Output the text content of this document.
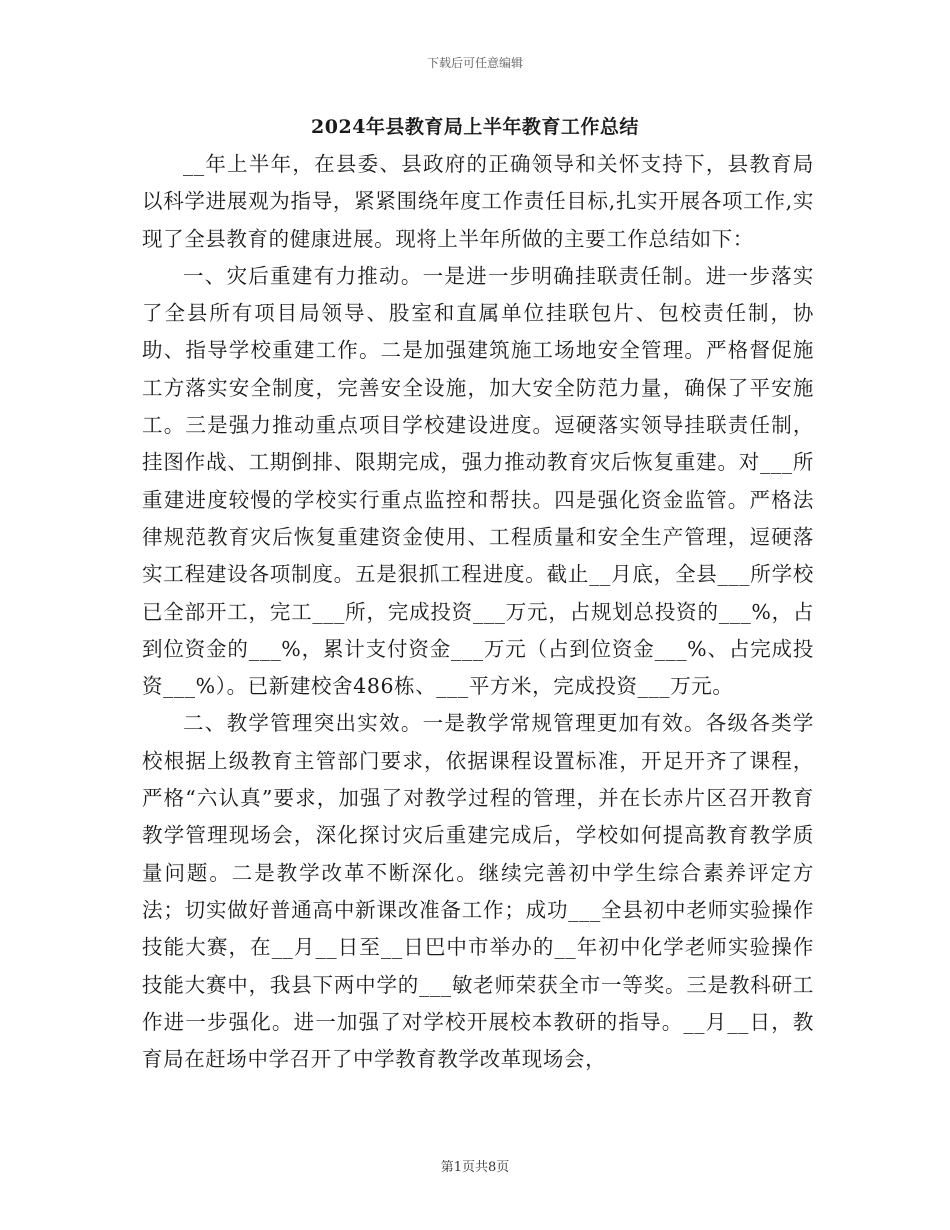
下载后可任意编辑
2024年县教育局上半年教育工作总结

__年上半年，在县委、县政府的正确领导和关怀支持下，县教育局以科学进展观为指导，紧紧围绕年度工作责任目标,扎实开展各项工作,实现了全县教育的健康进展。现将上半年所做的主要工作总结如下：

一、灾后重建有力推动。一是进一步明确挂联责任制。进一步落实了全县所有项目局领导、股室和直属单位挂联包片、包校责任制，协助、指导学校重建工作。二是加强建筑施工场地安全管理。严格督促施工方落实安全制度，完善安全设施，加大安全防范力量，确保了平安施工。三是强力推动重点项目学校建设进度。逗硬落实领导挂联责任制，挂图作战、工期倒排、限期完成，强力推动教育灾后恢复重建。对___所重建进度较慢的学校实行重点监控和帮扶。四是强化资金监管。严格法律规范教育灾后恢复重建资金使用、工程质量和安全生产管理，逗硬落实工程建设各项制度。五是狠抓工程进度。截止__月底，全县___所学校已全部开工，完工___所，完成投资___万元，占规划总投资的___%，占到位资金的___%，累计支付资金___万元（占到位资金___%、占完成投资___%）。已新建校舍486栋、___平方米，完成投资___万元。

二、教学管理突出实效。一是教学常规管理更加有效。各级各类学校根据上级教育主管部门要求，依据课程设置标准，开足开齐了课程，严格“六认真”要求，加强了对教学过程的管理，并在长赤片区召开教育教学管理现场会，深化探讨灾后重建完成后，学校如何提高教育教学质量问题。二是教学改革不断深化。继续完善初中学生综合素养评定方法；切实做好普通高中新课改准备工作；成功___全县初中老师实验操作技能大赛，在__月__日至__日巴中市举办的__年初中化学老师实验操作技能大赛中，我县下两中学的___敏老师荣获全市一等奖。三是教科研工作进一步强化。进一加强了对学校开展校本教研的指导。__月__日，教育局在赶场中学召开了中学教育教学改革现场会，

第1页共8页
